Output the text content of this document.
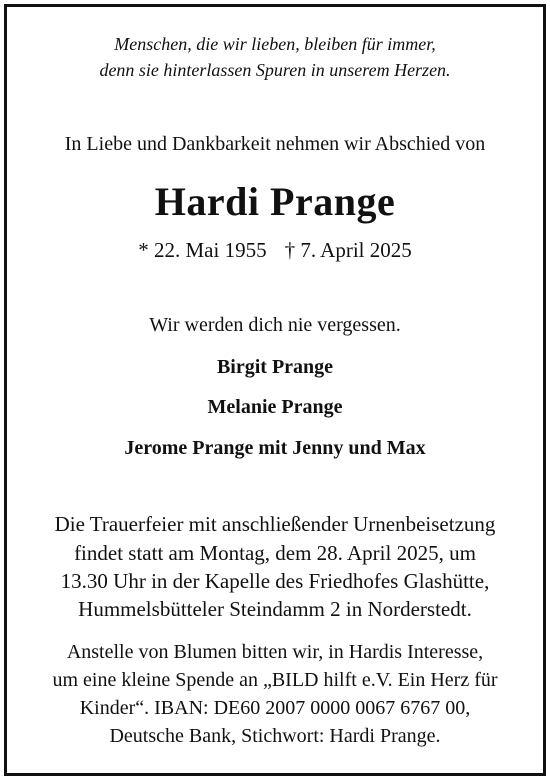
Menschen, die wir lieben, bleiben für immer,
denn sie hinterlassen Spuren in unserem Herzen.
In Liebe und Dankbarkeit nehmen wir Abschied von
Hardi Prange
* 22. Mai 1955 † 7. April 2025
Wir werden dich nie vergessen.
Birgit Prange
Melanie Prange
Jerome Prange mit Jenny und Max
Die Trauerfeier mit anschließender Urnenbeisetzung
findet statt am Montag, dem 28. April 2025, um
13.30 Uhr in der Kapelle des Friedhofes Glashütte,
Hummelsbütteler Steindamm 2 in Norderstedt.
Anstelle von Blumen bitten wir, in Hardis Interesse,
um eine kleine Spende an „BILD hilft e.V. Ein Herz für
Kinder“. IBAN: DE60 2007 0000 0067 6767 00,
Deutsche Bank, Stichwort: Hardi Prange.
